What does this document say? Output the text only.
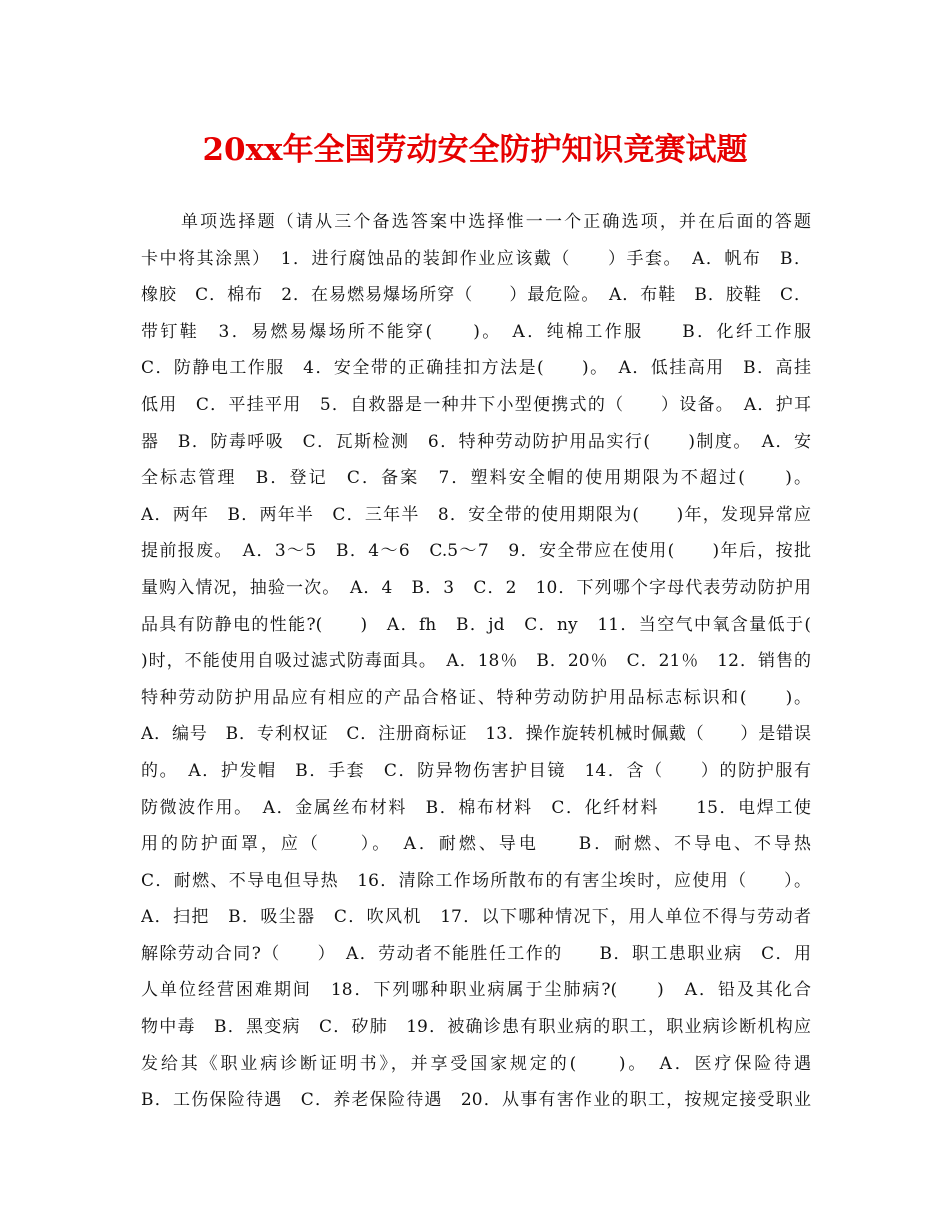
20xx年全国劳动安全防护知识竞赛试题
单项选择题（请从三个备选答案中选择惟一一个正确选项，并在后面的答题
卡中将其涂黑）　1．进行腐蚀品的装卸作业应该戴（　　）手套。　A．帆布　B．
橡胶　C．棉布　2．在易燃易爆场所穿（　　）最危险。　A．布鞋　B．胶鞋　C．
带钉鞋　3．易燃易爆场所不能穿(　　)。　A．纯棉工作服　　B．化纤工作服
C．防静电工作服　4．安全带的正确挂扣方法是(　　)。　A．低挂高用　B．高挂
低用　C．平挂平用　5．自救器是一种井下小型便携式的（　　）设备。　A．护耳
器　B．防毒呼吸　C．瓦斯检测　6．特种劳动防护用品实行(　　)制度。　A．安
全标志管理　B．登记　C．备案　7．塑料安全帽的使用期限为不超过(　　)。
A．两年　B．两年半　C．三年半　8．安全带的使用期限为(　　)年，发现异常应
提前报废。　A．3～5　B．4～6　C.5～7　9．安全带应在使用(　　)年后，按批
量购入情况，抽验一次。　A．4　B．3　C．2　10．下列哪个字母代表劳动防护用
品具有防静电的性能?(　　)　A．fh　B．jd　C．ny　11．当空气中氧含量低于(
)时，不能使用自吸过滤式防毒面具。　A．18％　B．20％　C．21％　12．销售的
特种劳动防护用品应有相应的产品合格证、特种劳动防护用品标志标识和(　　)。
A．编号　B．专利权证　C．注册商标证　13．操作旋转机械时佩戴（　　）是错误
的。　A．护发帽　B．手套　C．防异物伤害护目镜　14．含（　　）的防护服有
防微波作用。　A．金属丝布材料　B．棉布材料　C．化纤材料　　15．电焊工使
用的防护面罩，应（　　）。　A．耐燃、导电　　B．耐燃、不导电、不导热
C．耐燃、不导电但导热　16．清除工作场所散布的有害尘埃时，应使用（　　）。
A．扫把　B．吸尘器　C．吹风机　17．以下哪种情况下，用人单位不得与劳动者
解除劳动合同?（　　）　A．劳动者不能胜任工作的　　B．职工患职业病　C．用
人单位经营困难期间　18．下列哪种职业病属于尘肺病?(　　)　A．铅及其化合
物中毒　B．黑变病　C．矽肺　19．被确诊患有职业病的职工，职业病诊断机构应
发给其《职业病诊断证明书》，并享受国家规定的(　　)。　A．医疗保险待遇
B．工伤保险待遇　C．养老保险待遇　20．从事有害作业的职工，按规定接受职业
